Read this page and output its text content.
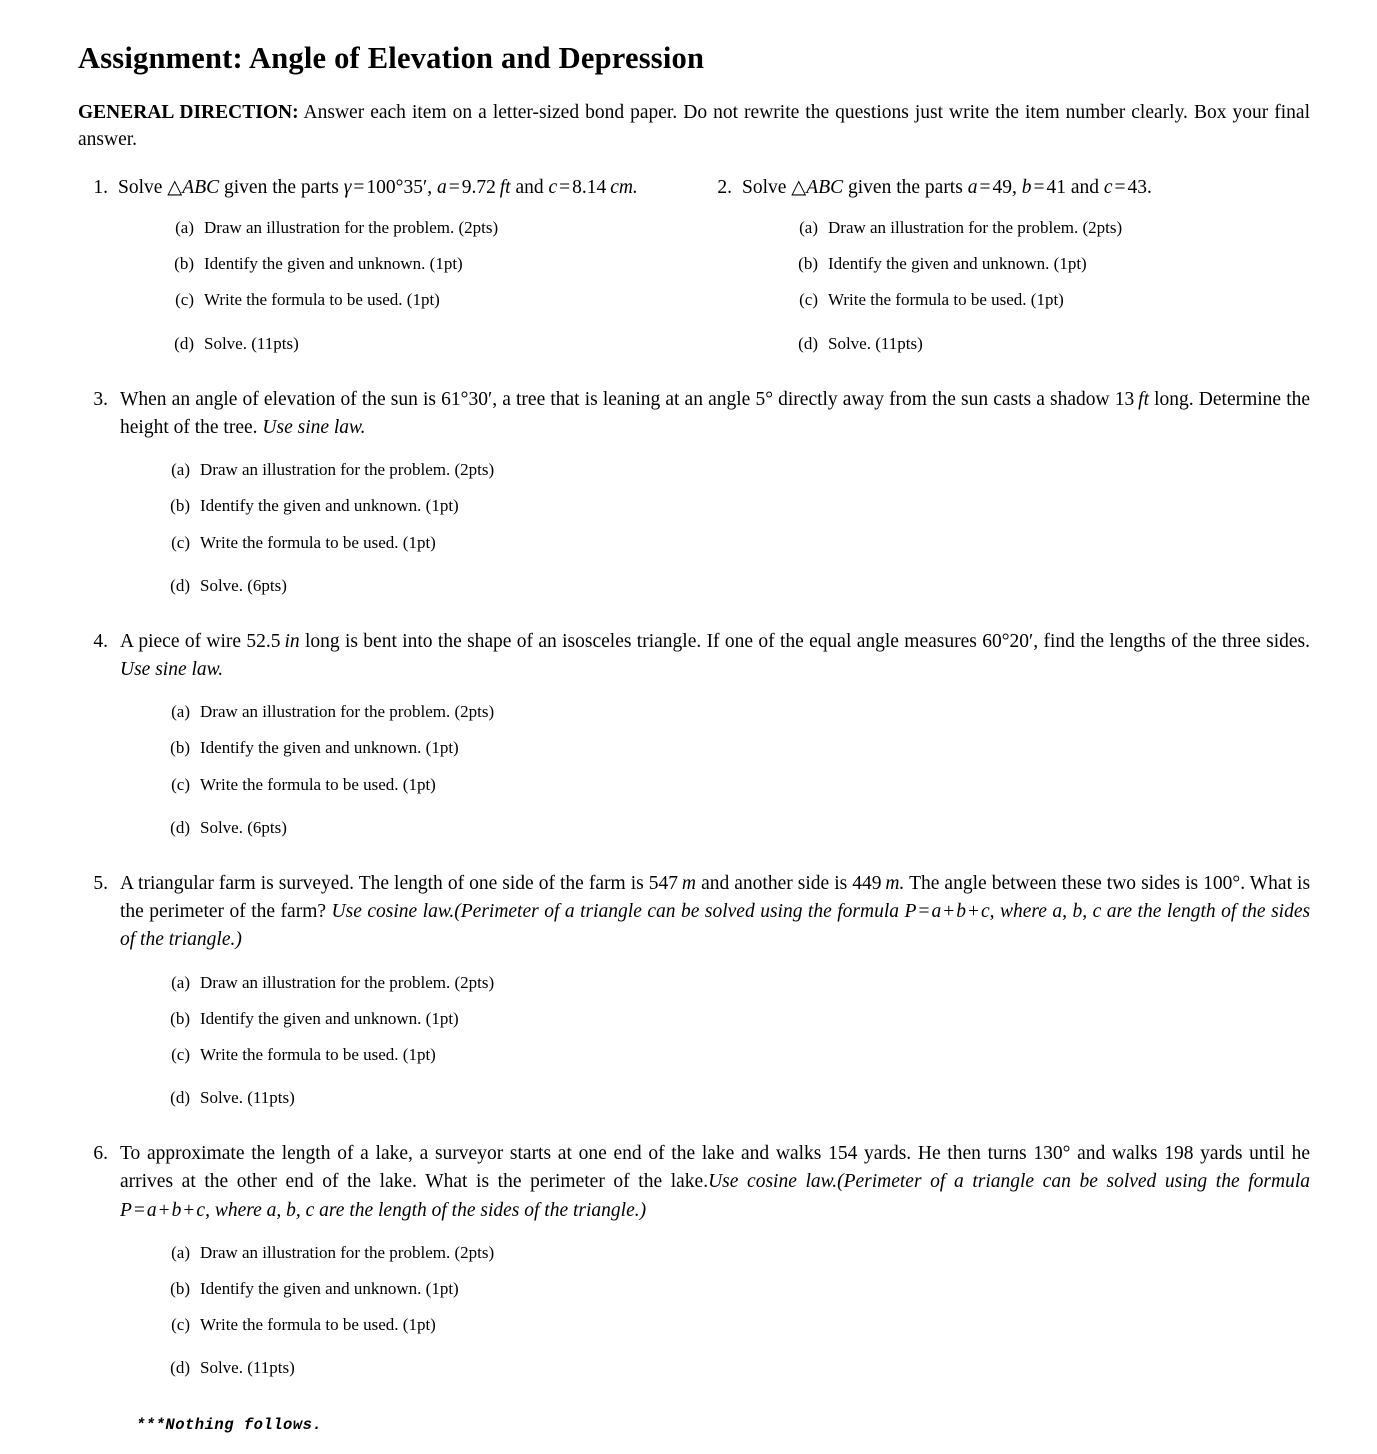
Assignment: Angle of Elevation and Depression

GENERAL DIRECTION: Answer each item on a letter-sized bond paper. Do not rewrite the questions just write the item number clearly. Box your final answer.

1. Solve △ABC given the parts γ = 100°35′, a = 9.72  ft and c = 8.14  cm.
(a) Draw an illustration for the problem. (2pts)
(b) Identify the given and unknown. (1pt)
(c) Write the formula to be used. (1pt)
(d) Solve. (11pts)
2. Solve △ABC given the parts a = 49, b = 41 and c = 43.
(a) Draw an illustration for the problem. (2pts)
(b) Identify the given and unknown. (1pt)
(c) Write the formula to be used. (1pt)
(d) Solve. (11pts)
3. When an angle of elevation of the sun is 61°30′, a tree that is leaning at an angle 5° directly away from the sun casts a shadow 13  ft long. Determine the height of the tree. Use sine law.
(a) Draw an illustration for the problem. (2pts)
(b) Identify the given and unknown. (1pt)
(c) Write the formula to be used. (1pt)
(d) Solve. (6pts)
4. A piece of wire 52.5  in long is bent into the shape of an isosceles triangle. If one of the equal angle measures 60°20′, find the lengths of the three sides. Use sine law.
(a) Draw an illustration for the problem. (2pts)
(b) Identify the given and unknown. (1pt)
(c) Write the formula to be used. (1pt)
(d) Solve. (6pts)
5. A triangular farm is surveyed. The length of one side of the farm is 547  m and another side is 449  m. The angle between these two sides is 100°. What is the perimeter of the farm? Use cosine law.(Perimeter of a triangle can be solved using the formula P = a + b + c, where a, b, c are the length of the sides of the triangle.)
(a) Draw an illustration for the problem. (2pts)
(b) Identify the given and unknown. (1pt)
(c) Write the formula to be used. (1pt)
(d) Solve. (11pts)
6. To approximate the length of a lake, a surveyor starts at one end of the lake and walks 154 yards. He then turns 130° and walks 198 yards until he arrives at the other end of the lake. What is the perimeter of the lake.Use cosine law.(Perimeter of a triangle can be solved using the formula P = a + b + c, where a, b, c are the length of the sides of the triangle.)
(a) Draw an illustration for the problem. (2pts)
(b) Identify the given and unknown. (1pt)
(c) Write the formula to be used. (1pt)
(d) Solve. (11pts)
***Nothing follows.
